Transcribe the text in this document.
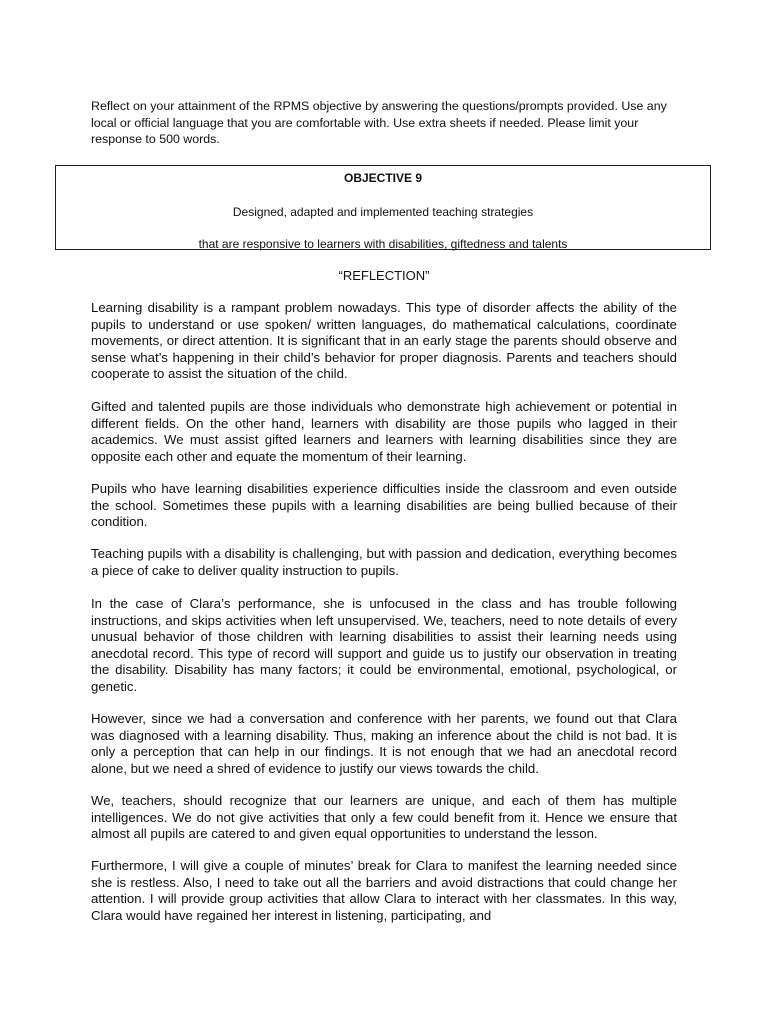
Reflect on your attainment of the RPMS objective by answering the questions/prompts provided. Use any local or official language that you are comfortable with. Use extra sheets if needed. Please limit your response to 500 words.

OBJECTIVE 9
Designed, adapted and implemented teaching strategies
that are responsive to learners with disabilities, giftedness and talents

“REFLECTION”

Learning disability is a rampant problem nowadays. This type of disorder affects the ability of the pupils to understand or use spoken/ written languages, do mathematical calculations, coordinate movements, or direct attention. It is significant that in an early stage the parents should observe and sense what’s happening in their child’s behavior for proper diagnosis. Parents and teachers should cooperate to assist the situation of the child.

Gifted and talented pupils are those individuals who demonstrate high achievement or potential in different fields. On the other hand, learners with disability are those pupils who lagged in their academics. We must assist gifted learners and learners with learning disabilities since they are opposite each other and equate the momentum of their learning.

Pupils who have learning disabilities experience difficulties inside the classroom and even outside the school. Sometimes these pupils with a learning disabilities are being bullied because of their condition.

Teaching pupils with a disability is challenging, but with passion and dedication, everything becomes a piece of cake to deliver quality instruction to pupils.

In the case of Clara’s performance, she is unfocused in the class and has trouble following instructions, and skips activities when left unsupervised. We, teachers, need to note details of every unusual behavior of those children with learning disabilities to assist their learning needs using anecdotal record. This type of record will support and guide us to justify our observation in treating the disability. Disability has many factors; it could be environmental, emotional, psychological, or genetic.

However, since we had a conversation and conference with her parents, we found out that Clara was diagnosed with a learning disability. Thus, making an inference about the child is not bad. It is only a perception that can help in our findings. It is not enough that we had an anecdotal record alone, but we need a shred of evidence to justify our views towards the child.

We, teachers, should recognize that our learners are unique, and each of them has multiple intelligences. We do not give activities that only a few could benefit from it. Hence we ensure that almost all pupils are catered to and given equal opportunities to understand the lesson.

Furthermore, I will give a couple of minutes’ break for Clara to manifest the learning needed since she is restless. Also, I need to take out all the barriers and avoid distractions that could change her attention. I will provide group activities that allow Clara to interact with her classmates. In this way, Clara would have regained her interest in listening, participating, and
